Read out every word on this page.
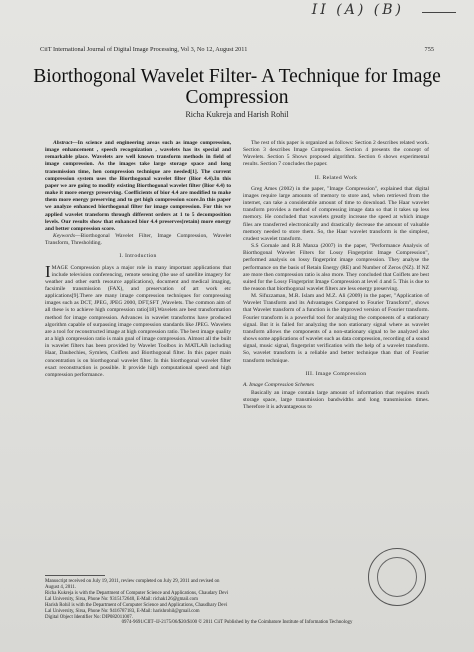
II (A) (B)
CiiT International Journal of Digital Image Processing, Vol 3, No 12, August 2011	755
Biorthogonal Wavelet Filter- A Technique for Image Compression
Richa Kukreja and Harish Rohil

Abstract—In science and engineering areas such as image compression, image enhancement , speech recognization , wavelets has its special and remarkable place. Wavelets are well known transform methods in field of image compression. As the images take large storage space and long transmission time, hen compression technique are needed[1]. The current compression system uses the Biorthogonal wavelet filter (Bior 4.4).In this paper we are going to modify existing Biorthogonal wavelet filter (Bior 4.4) to make it more energy preserving. Coefficients of bior 4.4 are modified to make them more energy preserving and to get high compression score.In this paper we analyze enhanced biorthogonal filter for image compression. For this we applied wavelet transform through different orders at 1 to 5 decomposition levels. Our results show that enhanced bior 4.4 preserves(retain) more energy and better compression score.

Keywords—Biorthogonal Wavelet Filter, Image Compression, Wavelet Transform, Thresholding.

I. Introduction

IMAGE Compression plays a major role in many important applications that include television conferencing, remote sensing (the use of satellite imagery for weather and other earth resource applications), document and medical imaging, facsimile transmission (FAX), and preservation of art work etc applications[9].There are many image compression techniques for compressing images such as DCT, JPEG, JPEG 2000, DFT,SFT ,Wavelets. The common aim of all these is to achieve high compression ratio[18].Wavelets are best transformation method for image compression. Advances in wavelet transforms have produced algorithm capable of surpassing image compression standards like JPEG. Wavelets are a tool for reconstructed image at high compression ratio. The best image quality at a high compression ratio is main goal of image compression. Almost all the built in wavelet filters has been provided by Wavelet Toolbox in MATLAB including Haar, Daubechies, Symlets, Coiflets and Biorthogonal filter. In this paper main concentration is on biorthogonal wavelet filter. In this biorthogonal wavelet filter exact reconstruction is possible. It provide high computational speed and high compression performance.

The rest of this paper is organized as follows: Section 2 describes related work. Section 3 describes Image Compression. Section 4 presents the concept of Wavelets. Section 5 Shows proposed algorithm. Section 6 shows experimental results. Section 7 concludes the paper.

II. Related Work

Greg Ames (2002) in the paper, "Image Compression", explained that digital images require large amounts of memory to store and, when retrieved from the internet, can take a considerable amount of time to download. The Haar wavelet transform provides a method of compressing image data so that it takes up less memory. He concluded that wavelets greatly increase the speed at which image files are transferred electronically and drastically decrease the amount of valuable memory needed to store them. So, the Haar wavelet transform is the simplest, crudest wavelet transform.

S.S Gornale and R.R Manza (2007) in the paper, "Performance Analysis of Biorthogonal Wavelet Filters for Lossy Fingerprint Image Compression", performed analysis on lossy fingerprint image compression. They analyse the performance on the basis of Retain Energy (RE) and Number of Zeros (NZ). If NZ are more then compression ratio is also more. They concluded that Coiflets are best suited for the Lossy Fingerprint Image Compression at level 4 and 5. This is due to the reason that biorthogonal wavelet filters are less energy preserving.

M. Sifuzzaman, M.R. Islam and M.Z. Ali (2009) in the paper, "Application of Wavelet Transform and its Advantages Compared to Fourier Transform", shows that Wavelet transform of a function is the improved version of Fourier transform. Fourier transform is a powerful tool for analyzing the components of a stationary signal. But it is failed for analyzing the non stationary signal where as wavelet transform allows the components of a non-stationary signal to be analyzed also shows some applications of wavelet such as data compression, recording of a sound signal, music signal, fingerprint verification with the help of a wavelet transform. So, wavelet transform is a reliable and better technique than that of Fourier transform technique.

III. Image Compression
A. Image Compression Schemes

Basically an image contain large amount of information that requires much storage space, large transmission bandwidths and long transmission times. Therefore it is advantageous to

Manuscript received on July 19, 2011, review completed on July 29, 2011 and revised on August 4, 2011.

Richa Kukreja is with the Department of Computer Science and Applications, Chaudary Devi Lal University, Sirsa, Phone No: 9315172640, E-Mail: richak126@gmail.com

Harish Rohil is with the Department of Computer Science and Applications, Chaudhary Devi Lal University, Sirsa, Phone No: 9416787183, E-Mail: harishrohil@gmail.com

Digital Object Identifier No: DIP082011007.

0974-9691/CIIT–IJ-2175/06/$20/$100 © 2011 CiiT Published by the Coimbatore Institute of Information Technology
